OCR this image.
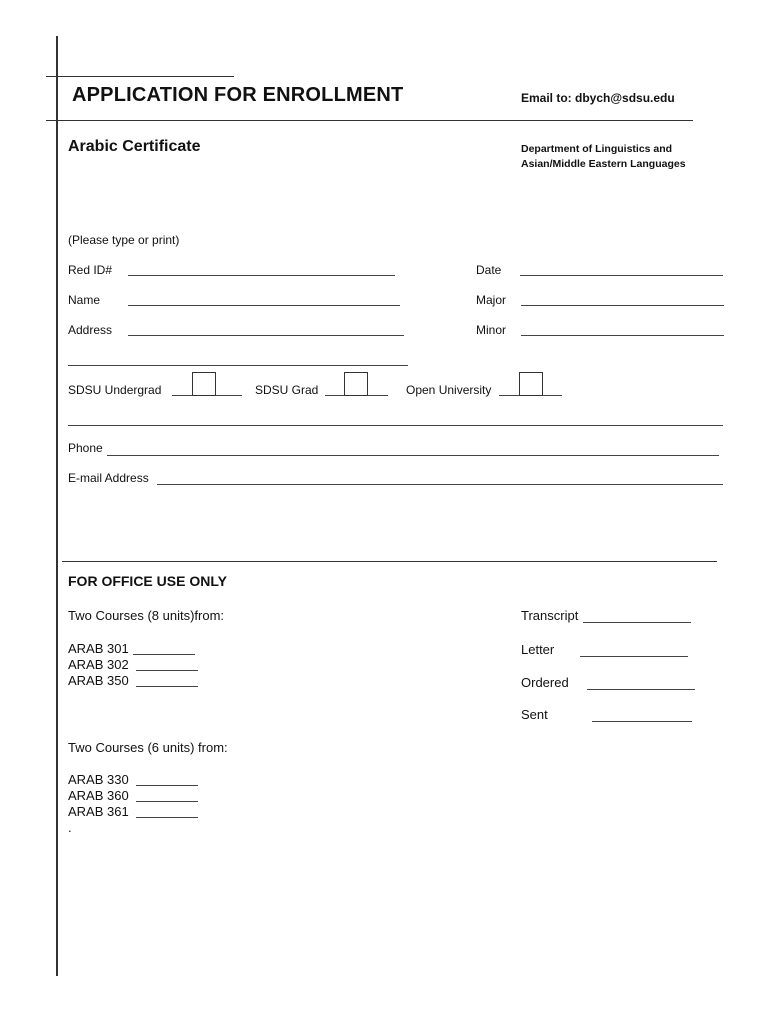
APPLICATION FOR ENROLLMENT	Email to: dbych@sdsu.edu
Arabic Certificate	Department of Linguistics and
Asian/Middle Eastern Languages
(Please type or print)
Red ID#	Date
Name	Major
Address	Minor
SDSU Undergrad	SDSU Grad	Open University
Phone
E-mail Address
FOR OFFICE USE ONLY
Two Courses (8 units)from:
ARAB 301
ARAB 302
ARAB 350
Two Courses (6 units) from:
ARAB 330
ARAB 360
ARAB 361
.
Transcript
Letter
Ordered
Sent
